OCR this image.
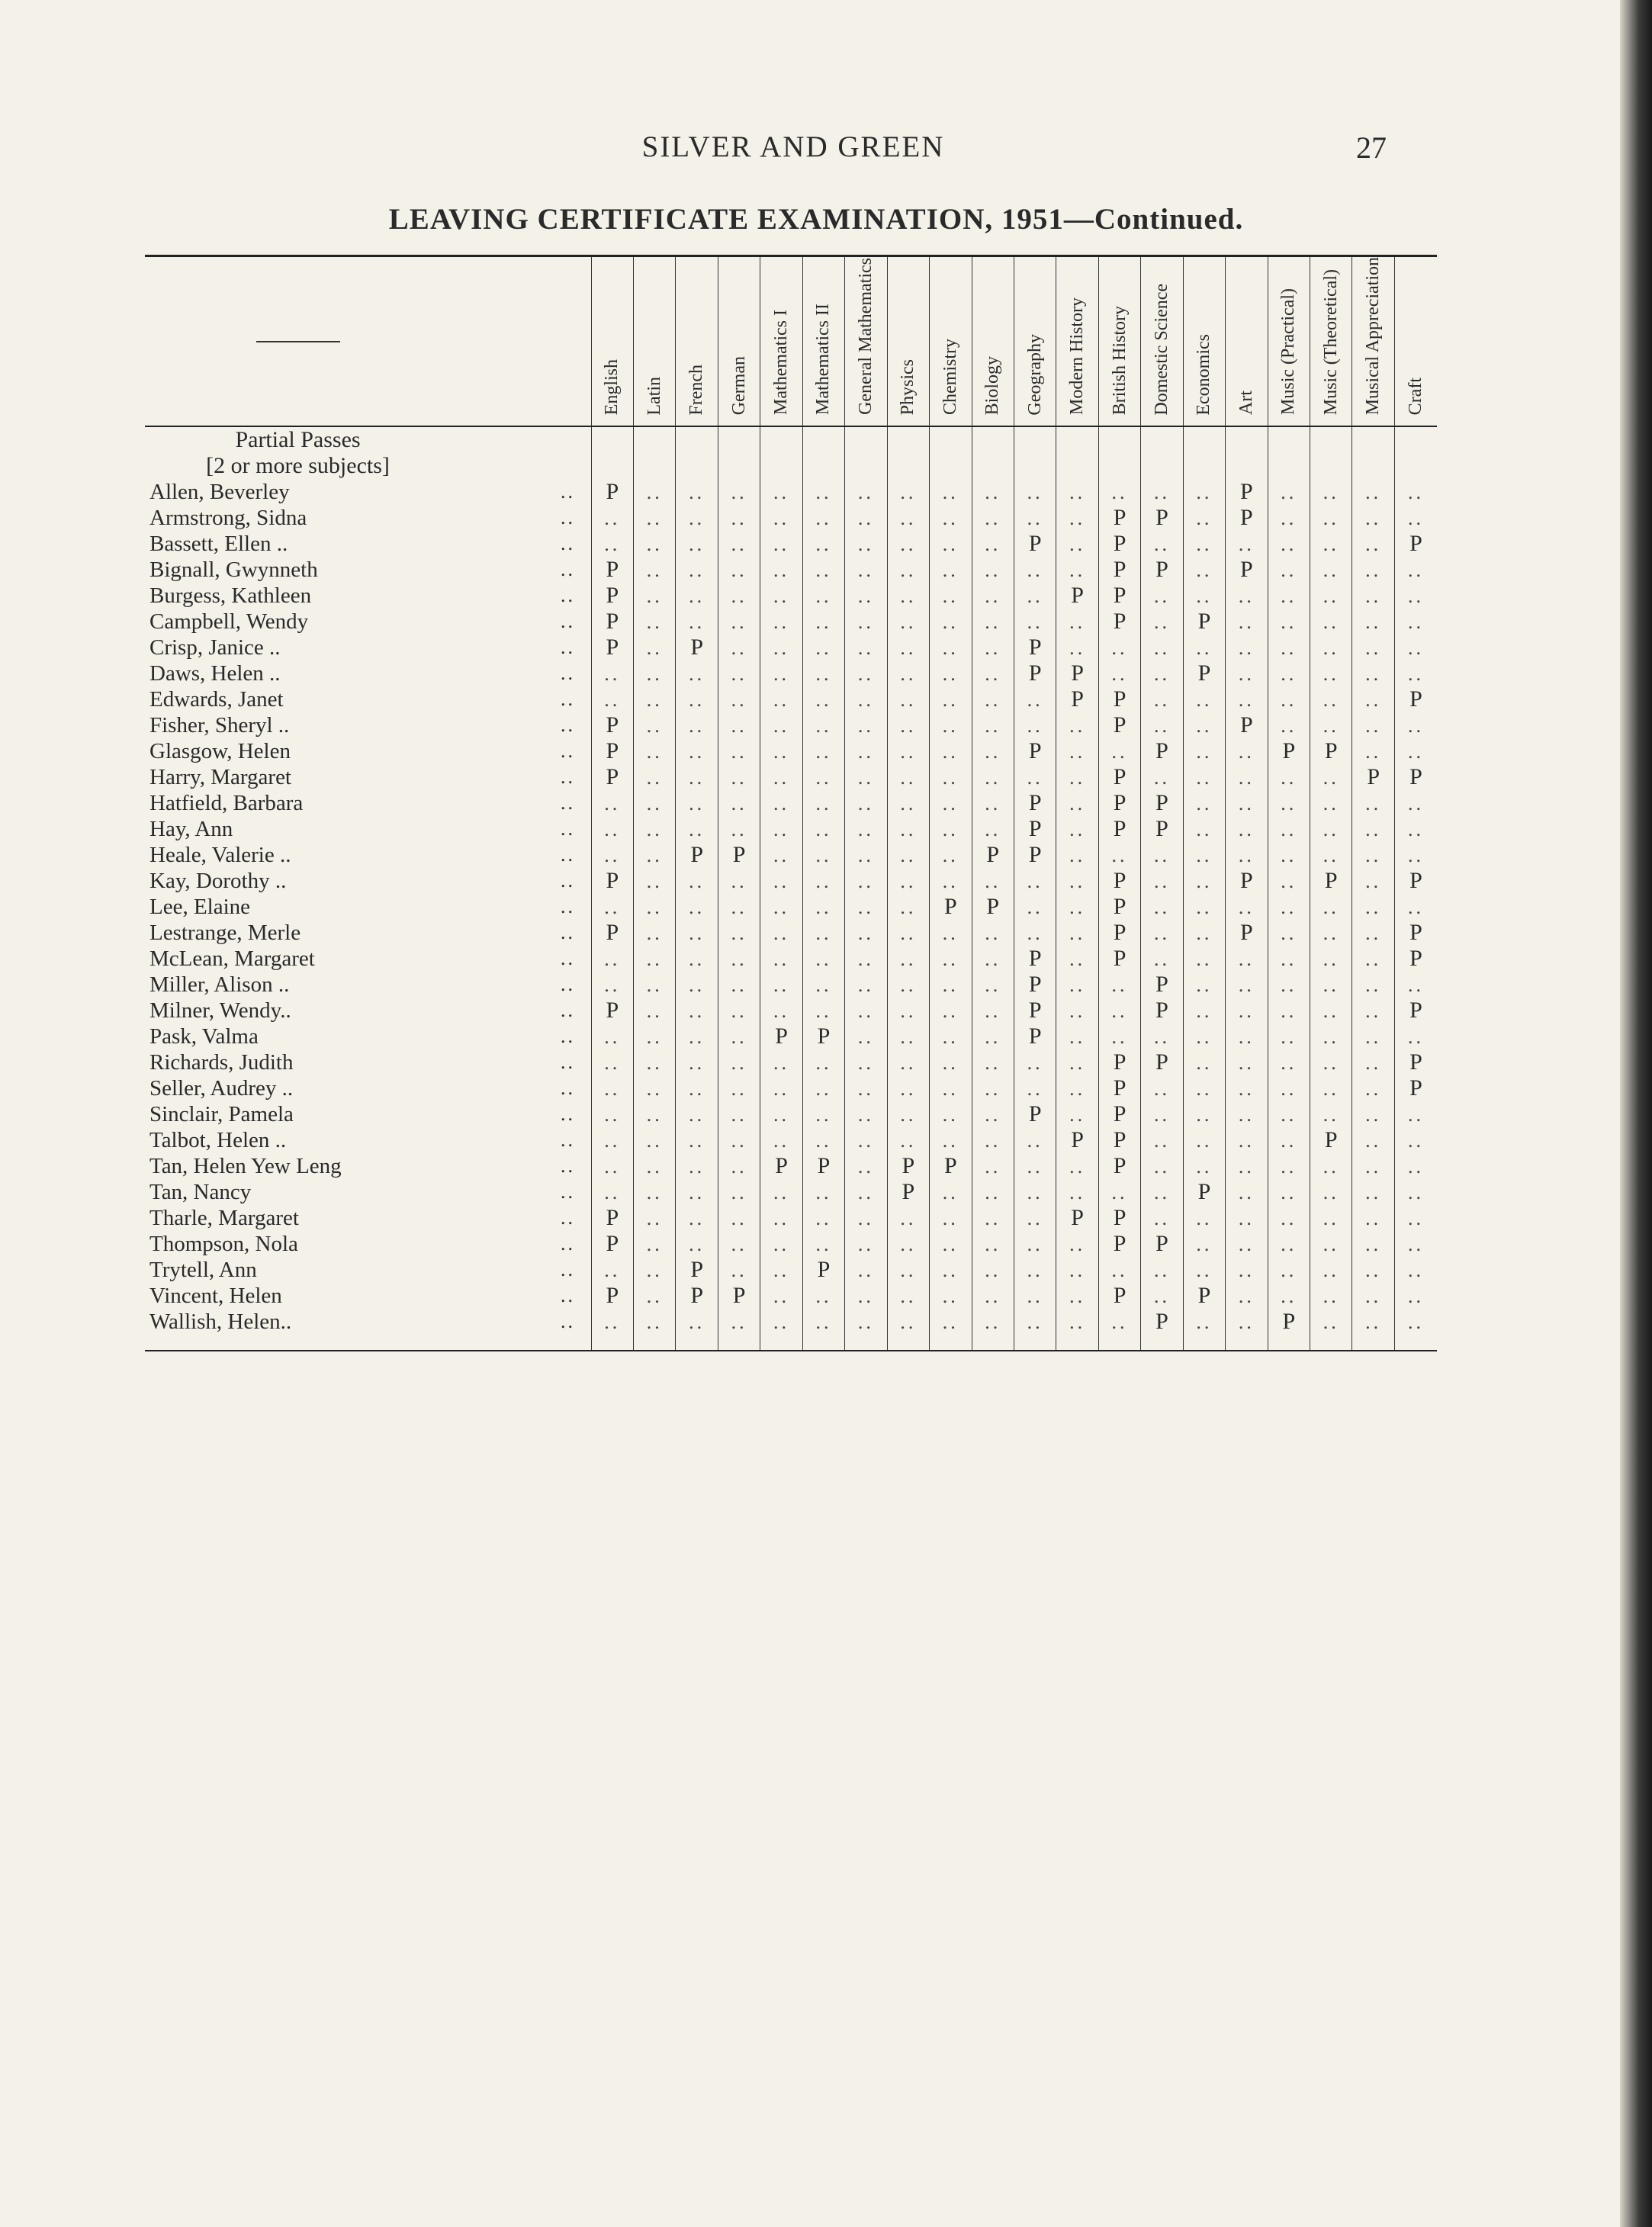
SILVER AND GREEN	27
LEAVING CERTIFICATE EXAMINATION, 1951—Continued.

		English	Latin	French	German	Mathematics I	Mathematics II	General Mathematics	Physics	Chemistry	Biology	Geography	Modern History	British History	Domestic Science	Economics	Art	Music (Practical)	Music (Theoretical)	Musical Appreciation	Craft

Partial Passes																					
[2 or more subjects]																					
Allen, Beverley	..	P	..	..	..	..	..	..	..	..	..	..	..	..	..	..	P	..	..	..	..
Armstrong, Sidna	..	..	..	..	..	..	..	..	..	..	..	..	..	P	P	..	P	..	..	..	..
Bassett, Ellen ..	..	..	..	..	..	..	..	..	..	..	..	P	..	P	..	..	..	..	..	..	P
Bignall, Gwynneth	..	P	..	..	..	..	..	..	..	..	..	..	..	P	P	..	P	..	..	..	..
Burgess, Kathleen	..	P	..	..	..	..	..	..	..	..	..	..	P	P	..	..	..	..	..	..	..
Campbell, Wendy	..	P	..	..	..	..	..	..	..	..	..	..	..	P	..	P	..	..	..	..	..
Crisp, Janice ..	..	P	..	P	..	..	..	..	..	..	..	P	..	..	..	..	..	..	..	..	..
Daws, Helen ..	..	..	..	..	..	..	..	..	..	..	..	P	P	..	..	P	..	..	..	..	..
Edwards, Janet	..	..	..	..	..	..	..	..	..	..	..	..	P	P	..	..	..	..	..	..	P
Fisher, Sheryl ..	..	P	..	..	..	..	..	..	..	..	..	..	..	P	..	..	P	..	..	..	..
Glasgow, Helen	..	P	..	..	..	..	..	..	..	..	..	P	..	..	P	..	..	P	P	..	..
Harry, Margaret	..	P	..	..	..	..	..	..	..	..	..	..	..	P	..	..	..	..	..	P	P
Hatfield, Barbara	..	..	..	..	..	..	..	..	..	..	..	P	..	P	P	..	..	..	..	..	..
Hay, Ann	..	..	..	..	..	..	..	..	..	..	..	P	..	P	P	..	..	..	..	..	..
Heale, Valerie ..	..	..	..	P	P	..	..	..	..	..	P	P	..	..	..	..	..	..	..	..	..
Kay, Dorothy ..	..	P	..	..	..	..	..	..	..	..	..	..	..	P	..	..	P	..	P	..	P
Lee, Elaine	..	..	..	..	..	..	..	..	..	P	P	..	..	P	..	..	..	..	..	..	..
Lestrange, Merle	..	P	..	..	..	..	..	..	..	..	..	..	..	P	..	..	P	..	..	..	P
McLean, Margaret	..	..	..	..	..	..	..	..	..	..	..	P	..	P	..	..	..	..	..	..	P
Miller, Alison ..	..	..	..	..	..	..	..	..	..	..	..	P	..	..	P	..	..	..	..	..	..
Milner, Wendy..	..	P	..	..	..	..	..	..	..	..	..	P	..	..	P	..	..	..	..	..	P
Pask, Valma	..	..	..	..	..	P	P	..	..	..	..	P	..	..	..	..	..	..	..	..	..
Richards, Judith	..	..	..	..	..	..	..	..	..	..	..	..	..	P	P	..	..	..	..	..	P
Seller, Audrey ..	..	..	..	..	..	..	..	..	..	..	..	..	..	P	..	..	..	..	..	..	P
Sinclair, Pamela	..	..	..	..	..	..	..	..	..	..	..	P	..	P	..	..	..	..	..	..	..
Talbot, Helen ..	..	..	..	..	..	..	..	..	..	..	..	..	P	P	..	..	..	..	P	..	..
Tan, Helen Yew Leng	..	..	..	..	..	P	P	..	P	P	..	..	..	P	..	..	..	..	..	..	..
Tan, Nancy	..	..	..	..	..	..	..	..	P	..	..	..	..	..	..	P	..	..	..	..	..
Tharle, Margaret	..	P	..	..	..	..	..	..	..	..	..	..	P	P	..	..	..	..	..	..	..
Thompson, Nola	..	P	..	..	..	..	..	..	..	..	..	..	..	P	P	..	..	..	..	..	..
Trytell, Ann	..	..	..	P	..	..	P	..	..	..	..	..	..	..	..	..	..	..	..	..	..
Vincent, Helen	..	P	..	P	P	..	..	..	..	..	..	..	..	P	..	P	..	..	..	..	..
Wallish, Helen..	..	..	..	..	..	..	..	..	..	..	..	..	..	..	P	..	..	P	..	..	..
